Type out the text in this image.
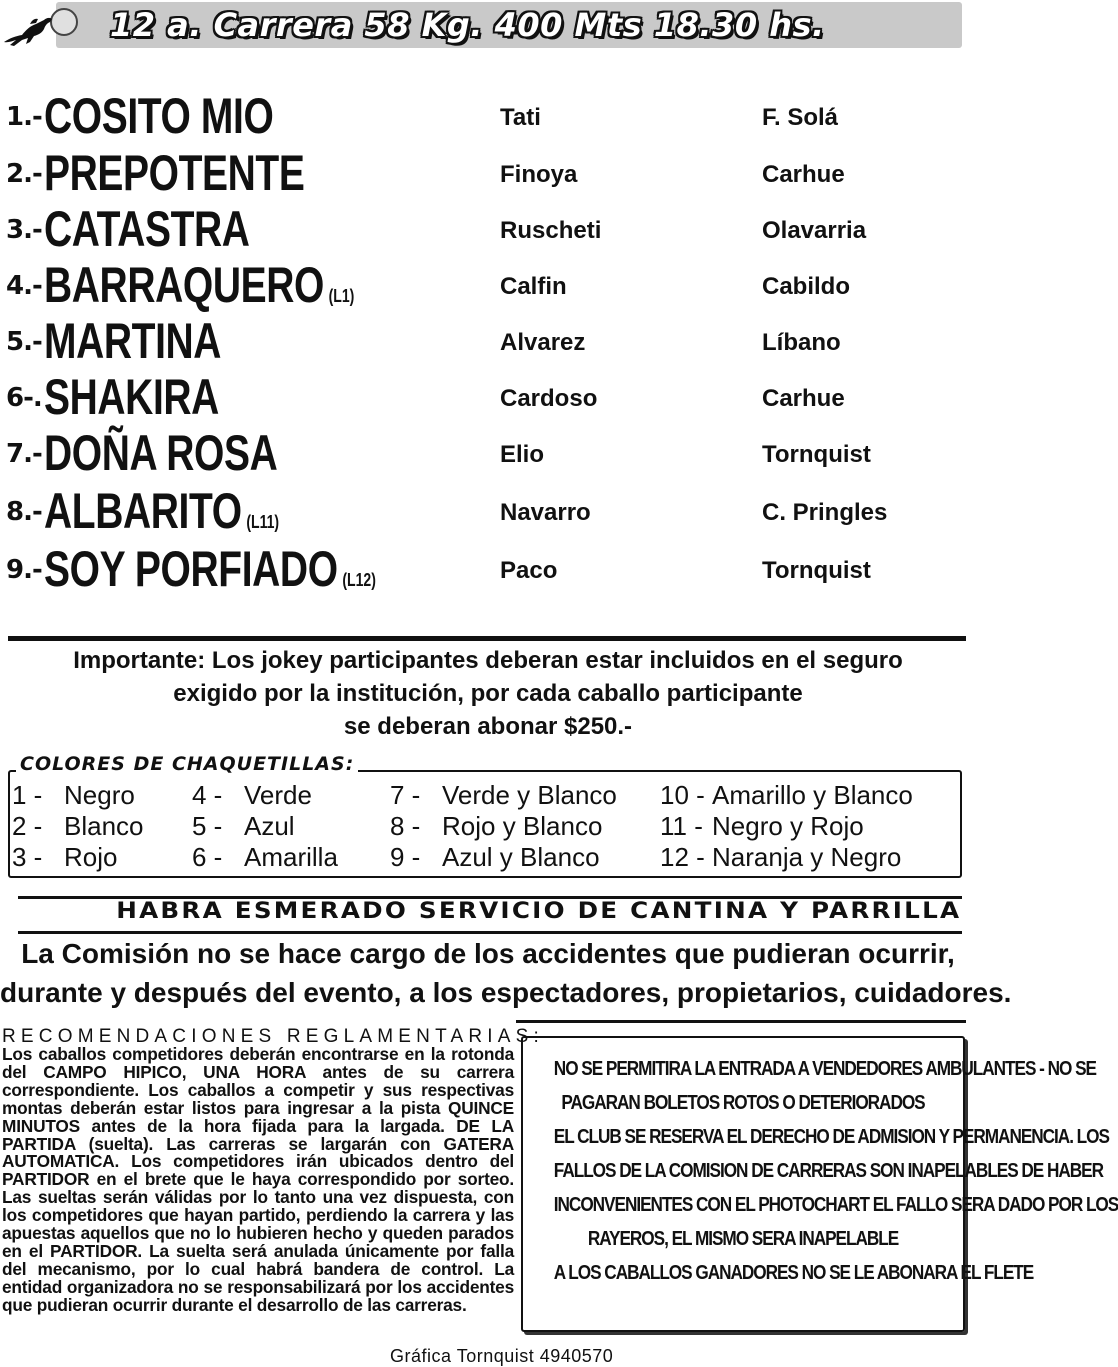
12 a. Carrera 58 Kg. 400 Mts 18.30 hs.
1.- COSITO MIO	Tati	F. Solá
2.- PREPOTENTE	Finoya	Carhue
3.- CATASTRA	Ruscheti	Olavarria
4.- BARRAQUERO (L1)	Calfin	Cabildo
5.- MARTINA	Alvarez	Líbano
6-. SHAKIRA	Cardoso	Carhue
7.- DOÑA ROSA	Elio	Tornquist
8.- ALBARITO (L11)	Navarro	C. Pringles
9.- SOY PORFIADO (L12)	Paco	Tornquist
Importante: Los jokey participantes deberan estar incluidos en el seguro
exigido por la institución, por cada caballo participante
se deberan abonar $250.-
COLORES DE CHAQUETILLAS:
1 - Negro
2 - Blanco
3 - Rojo
4 - Verde
5 - Azul
6 - Amarilla
7 - Verde y Blanco
8 - Rojo y Blanco
9 - Azul y Blanco
10 - Amarillo y Blanco
11 - Negro y Rojo
12 - Naranja y Negro
HABRA ESMERADO SERVICIO DE CANTINA Y PARRILLA
La Comisión no se hace cargo de los accidentes que pudieran ocurrir,
durante y después del evento, a los espectadores, propietarios, cuidadores.
RECOMENDACIONES REGLAMENTARIAS:
Los caballos competidores deberán encontrarse en la rotonda del CAMPO HIPICO, UNA HORA antes de su carrera correspondiente. Los caballos a competir y sus respectivas montas deberán estar listos para ingresar a la pista QUINCE MINUTOS antes de la hora fijada para la largada. DE LA PARTIDA (suelta). Las carreras se largarán con GATERA AUTOMATICA. Los competidores irán ubicados dentro del PARTIDOR en el brete que le haya correspondido por sorteo. Las sueltas serán válidas por lo tanto una vez dispuesta, con los competidores que hayan partido, perdiendo la carrera y las apuestas aquellos que no lo hubieren hecho y queden parados en el PARTIDOR. La suelta será anulada únicamente por falla del mecanismo, por lo cual habrá bandera de control. La entidad organizadora no se responsabilizará por los accidentes que pudieran ocurrir durante el desarrollo de las carreras.
NO SE PERMITIRA LA ENTRADA A VENDEDORES AMBULANTES - NO SE
PAGARAN BOLETOS ROTOS O DETERIORADOS
EL CLUB SE RESERVA EL DERECHO DE ADMISION Y PERMANENCIA. LOS
FALLOS DE LA COMISION DE CARRERAS SON INAPELABLES DE HABER
INCONVENIENTES CON EL PHOTOCHART EL FALLO SERA DADO POR LOS
RAYEROS, EL MISMO SERA INAPELABLE
A LOS CABALLOS GANADORES NO SE LE ABONARA EL FLETE
Gráfica Tornquist 4940570
